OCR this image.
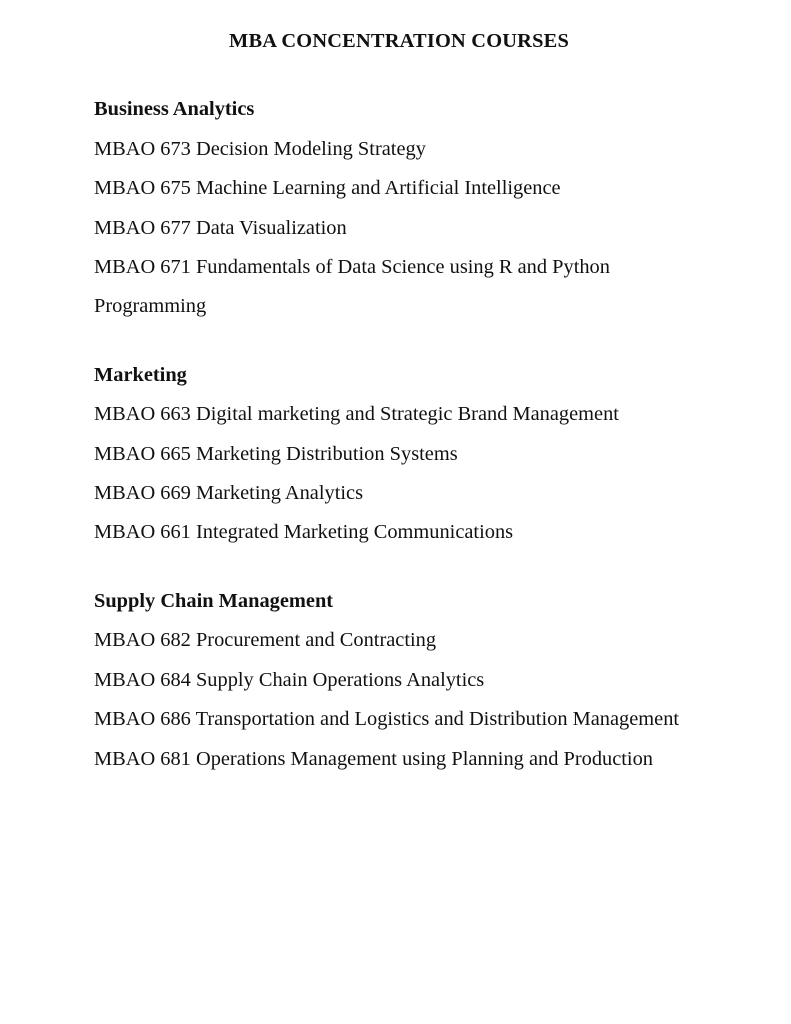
MBA CONCENTRATION COURSES

Business Analytics

MBAO 673 Decision Modeling Strategy

MBAO 675 Machine Learning and Artificial Intelligence

MBAO 677 Data Visualization

MBAO 671 Fundamentals of Data Science using R and Python Programming

Marketing

MBAO 663 Digital marketing and Strategic Brand Management

MBAO 665 Marketing Distribution Systems

MBAO 669 Marketing Analytics

MBAO 661 Integrated Marketing Communications

Supply Chain Management

MBAO 682 Procurement and Contracting

MBAO 684 Supply Chain Operations Analytics

MBAO 686 Transportation and Logistics and Distribution Management

MBAO 681 Operations Management using Planning and Production
